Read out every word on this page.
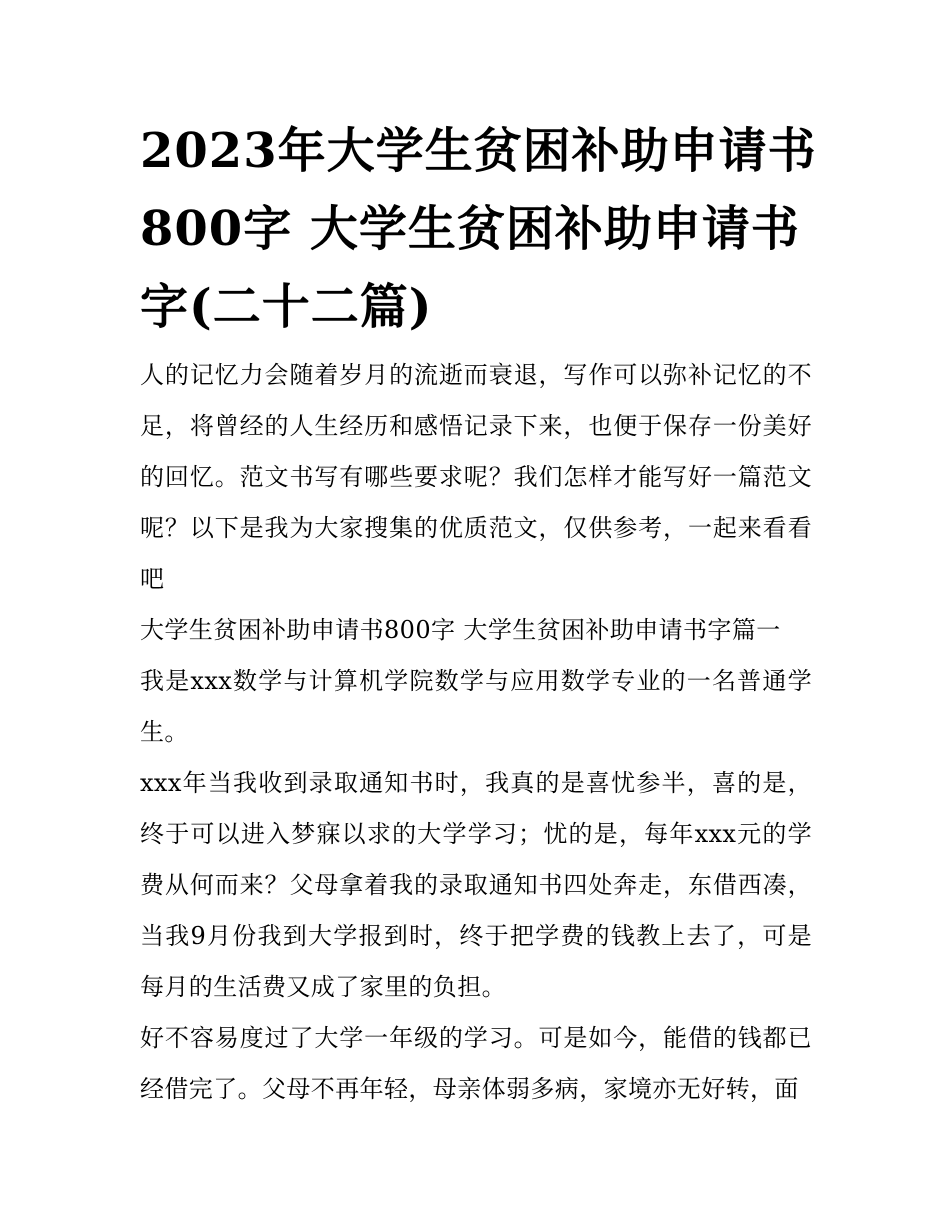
2023年大学生贫困补助申请书
800字 大学生贫困补助申请书
字(二十二篇)

人的记忆力会随着岁月的流逝而衰退，写作可以弥补记忆的不足，将曾经的人生经历和感悟记录下来，也便于保存一份美好的回忆。范文书写有哪些要求呢？我们怎样才能写好一篇范文呢？以下是我为大家搜集的优质范文，仅供参考，一起来看看吧

大学生贫困补助申请书800字 大学生贫困补助申请书字篇一

我是xxx数学与计算机学院数学与应用数学专业的一名普通学生。

xxx年当我收到录取通知书时，我真的是喜忧参半，喜的是，终于可以进入梦寐以求的大学学习；忧的是，每年xxx元的学费从何而来？父母拿着我的录取通知书四处奔走，东借西凑，当我9月份我到大学报到时，终于把学费的钱教上去了，可是每月的生活费又成了家里的负担。

好不容易度过了大学一年级的学习。可是如今，能借的钱都已经借完了。父母不再年轻，母亲体弱多病，家境亦无好转，面
